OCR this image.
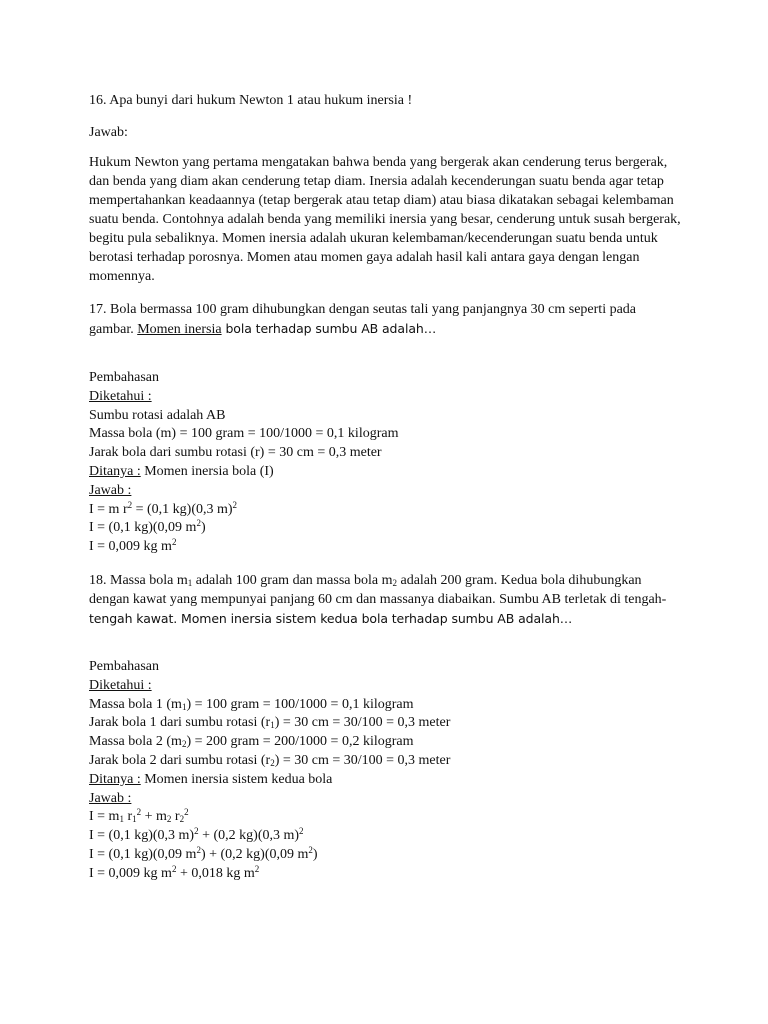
16. Apa bunyi dari hukum Newton 1 atau hukum inersia !
Jawab:
Hukum Newton yang pertama mengatakan bahwa benda yang bergerak akan cenderung terus bergerak,
dan benda yang diam akan cenderung tetap diam. Inersia adalah kecenderungan suatu benda agar tetap
mempertahankan keadaannya (tetap bergerak atau tetap diam) atau biasa dikatakan sebagai kelembaman
suatu benda. Contohnya adalah benda yang memiliki inersia yang besar, cenderung untuk susah bergerak,
begitu pula sebaliknya. Momen inersia adalah ukuran kelembaman/kecenderungan suatu benda untuk
berotasi terhadap porosnya. Momen atau momen gaya adalah hasil kali antara gaya dengan lengan
momennya.
17. Bola bermassa 100 gram dihubungkan dengan seutas tali yang panjangnya 30 cm seperti pada
gambar. Momen inersia bola terhadap sumbu AB adalah…
Pembahasan
Diketahui :
Sumbu rotasi adalah AB
Massa bola (m) = 100 gram = 100/1000 = 0,1 kilogram
Jarak bola dari sumbu rotasi (r) = 30 cm = 0,3 meter
Ditanya : Momen inersia bola (I)
Jawab :
I = m $r^2 = (0,1$ kg)(0,3 m)$^2$
I = (0,1 kg)(0,09 $m^2$)
I = 0,009 kg $m^2$
18. Massa bola $m_1$ adalah 100 gram dan massa bola $m_2$ adalah 200 gram. Kedua bola dihubungkan
dengan kawat yang mempunyai panjang 60 cm dan massanya diabaikan. Sumbu AB terletak di tengah-
tengah kawat. Momen inersia sistem kedua bola terhadap sumbu AB adalah…
Pembahasan
Diketahui :
Massa bola 1 $(m_1) = 100$ gram = 100/1000 = 0,1 kilogram
Jarak bola 1 dari sumbu rotasi $(r_1) = 30$ cm = 30/100 = 0,3 meter
Massa bola 2 $(m_2) = 200$ gram = 200/1000 = 0,2 kilogram
Jarak bola 2 dari sumbu rotasi $(r_2) = 30$ cm = 30/100 = 0,3 meter
Ditanya : Momen inersia sistem kedua bola
Jawab :
$I = m_1$ $r_1^2 + m_2$ $r_2^2$
I = (0,1 kg)(0,3 m)$^2$ + (0,2 kg)(0,3 m)$^2$
I = (0,1 kg)(0,09 $m^2) + (0,2$ kg)(0,09 $m^2$)
I = 0,009 kg $m^2 + 0,018$ kg $m^2$
